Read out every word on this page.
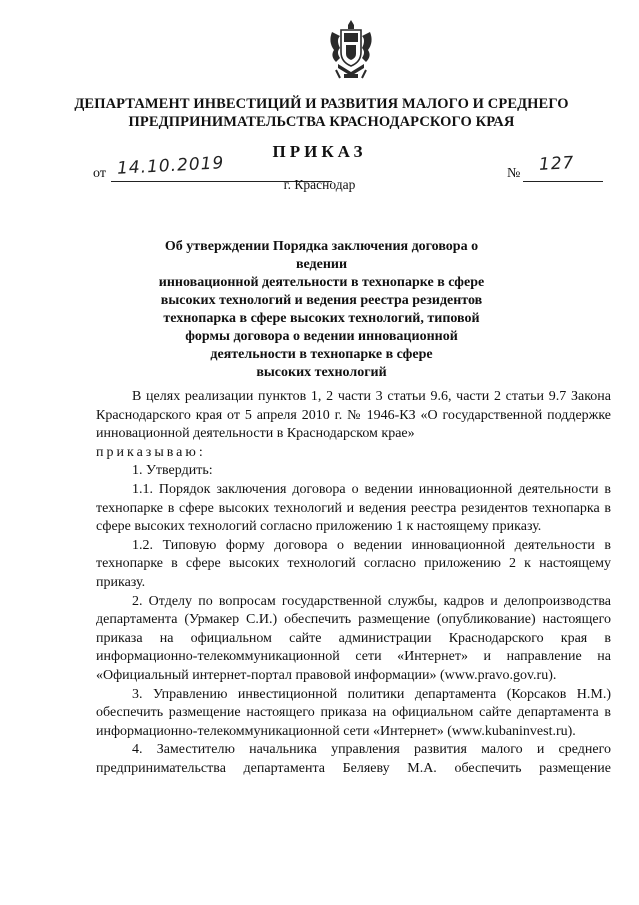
ДЕПАРТАМЕНТ ИНВЕСТИЦИЙ И РАЗВИТИЯ МАЛОГО И СРЕДНЕГО
ПРЕДПРИНИМАТЕЛЬСТВА КРАСНОДАРСКОГО КРАЯ
ПРИКАЗ
от 14.10.2019	№ 127
г. Краснодар
Об утверждении Порядка заключения договора о ведении
инновационной деятельности в технопарке в сфере
высоких технологий и ведения реестра резидентов
технопарка в сфере высоких технологий, типовой
формы договора о ведении инновационной
деятельности в технопарке в сфере
высоких технологий

В целях реализации пунктов 1, 2 части 3 статьи 9.6, части 2 статьи 9.7 Закона Краснодарского края от 5 апреля 2010 г. № 1946-КЗ «О государственной поддержке инновационной деятельности в Краснодарском крае»

приказываю:

1. Утвердить:

1.1. Порядок заключения договора о ведении инновационной деятельности в технопарке в сфере высоких технологий и ведения реестра резидентов технопарка в сфере высоких технологий согласно приложению 1 к настоящему приказу.

1.2. Типовую форму договора о ведении инновационной деятельности в технопарке в сфере высоких технологий согласно приложению 2 к настоящему приказу.

2. Отделу по вопросам государственной службы, кадров и делопроизводства департамента (Урмакер С.И.) обеспечить размещение (опубликование) настоящего приказа на официальном сайте администрации Краснодарского края в информационно-телекоммуникационной сети «Интернет» и направление на «Официальный интернет-портал правовой информации» (www.pravo.gov.ru).

3. Управлению инвестиционной политики департамента (Корсаков Н.М.) обеспечить размещение настоящего приказа на официальном сайте департамента в информационно-телекоммуникационной сети «Интернет» (www.kubaninvest.ru).

4. Заместителю начальника управления развития малого и среднего предпринимательства департамента Беляеву М.А. обеспечить размещение
